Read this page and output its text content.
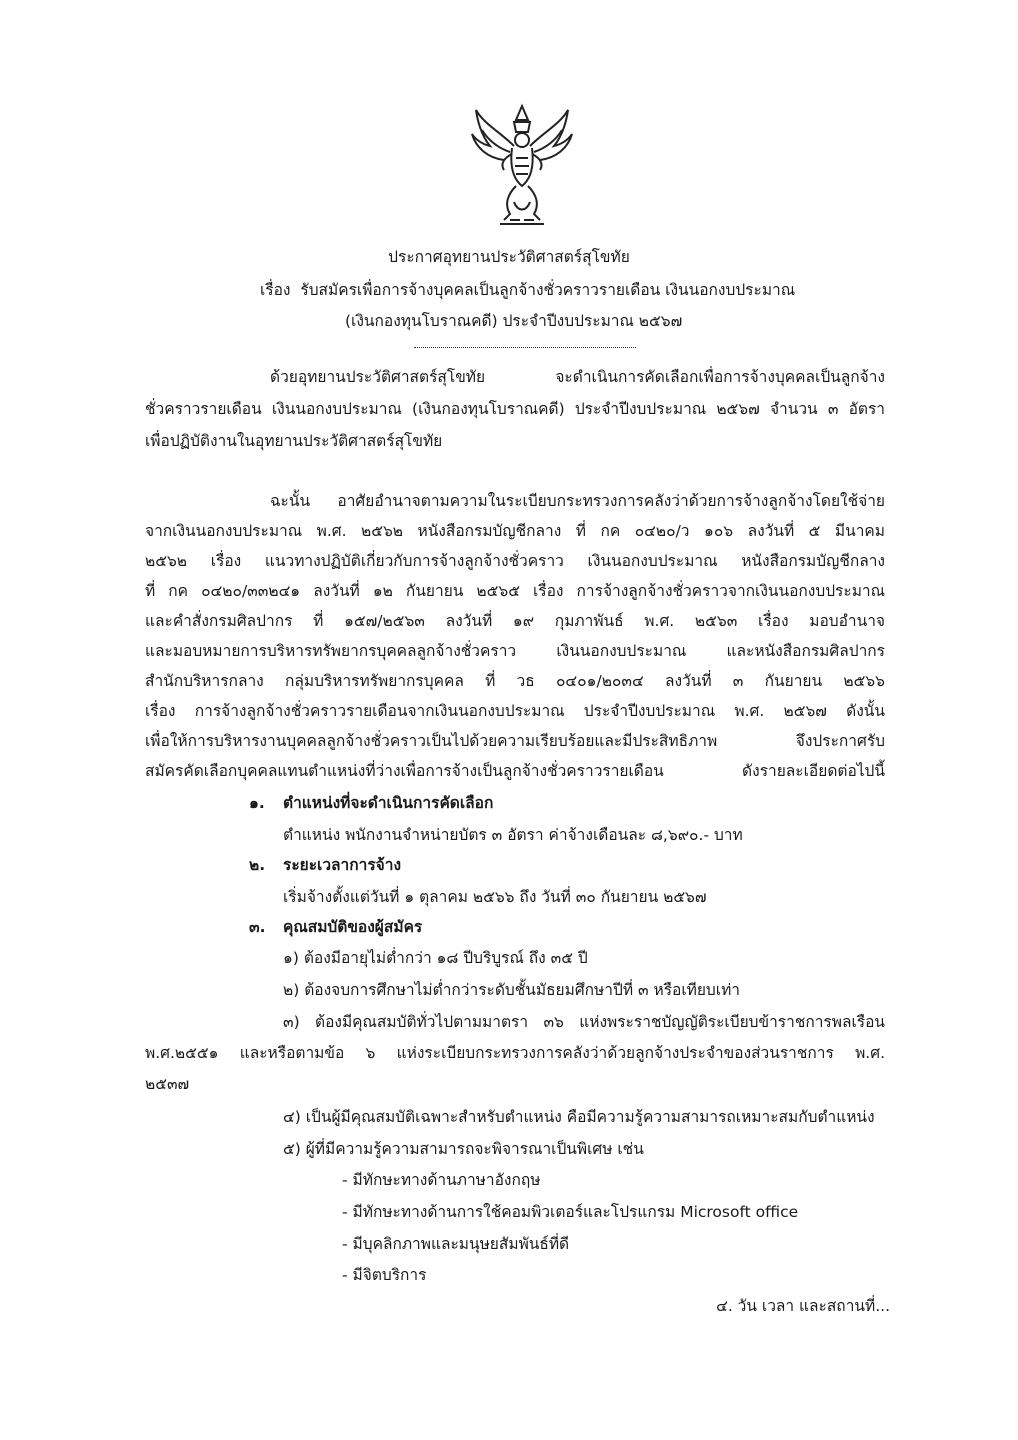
ประกาศอุทยานประวัติศาสตร์สุโขทัย
เรื่อง รับสมัครเพื่อการจ้างบุคคลเป็นลูกจ้างชั่วคราวรายเดือน เงินนอกงบประมาณ
(เงินกองทุนโบราณคดี) ประจำปีงบประมาณ ๒๕๖๗
ด้วยอุทยานประวัติศาสตร์สุโขทัย จะดำเนินการคัดเลือกเพื่อการจ้างบุคคลเป็นลูกจ้าง
ชั่วคราวรายเดือน เงินนอกงบประมาณ (เงินกองทุนโบราณคดี) ประจำปีงบประมาณ ๒๕๖๗ จำนวน ๓ อัตรา
เพื่อปฏิบัติงานในอุทยานประวัติศาสตร์สุโขทัย
ฉะนั้น อาศัยอำนาจตามความในระเบียบกระทรวงการคลังว่าด้วยการจ้างลูกจ้างโดยใช้จ่าย
จากเงินนอกงบประมาณ พ.ศ. ๒๕๖๒ หนังสือกรมบัญชีกลาง ที่ กค ๐๔๒๐/ว ๑๐๖ ลงวันที่ ๕ มีนาคม
๒๕๖๒ เรื่อง แนวทางปฏิบัติเกี่ยวกับการจ้างลูกจ้างชั่วคราว เงินนอกงบประมาณ หนังสือกรมบัญชีกลาง
ที่ กค ๐๔๒๐/๓๓๒๔๑ ลงวันที่ ๑๒ กันยายน ๒๕๖๕ เรื่อง การจ้างลูกจ้างชั่วคราวจากเงินนอกงบประมาณ
และคำสั่งกรมศิลปากร ที่ ๑๕๗/๒๕๖๓ ลงวันที่ ๑๙ กุมภาพันธ์ พ.ศ. ๒๕๖๓ เรื่อง มอบอำนาจ
และมอบหมายการบริหารทรัพยากรบุคคลลูกจ้างชั่วคราว เงินนอกงบประมาณ และหนังสือกรมศิลปากร
สำนักบริหารกลาง กลุ่มบริหารทรัพยากรบุคคล ที่ วธ ๐๔๐๑/๒๐๓๔ ลงวันที่ ๓ กันยายน ๒๕๖๖
เรื่อง การจ้างลูกจ้างชั่วคราวรายเดือนจากเงินนอกงบประมาณ ประจำปีงบประมาณ พ.ศ. ๒๕๖๗ ดังนั้น
เพื่อให้การบริหารงานบุคคลลูกจ้างชั่วคราวเป็นไปด้วยความเรียบร้อยและมีประสิทธิภาพ จึงประกาศรับ
สมัครคัดเลือกบุคคลแทนตำแหน่งที่ว่างเพื่อการจ้างเป็นลูกจ้างชั่วคราวรายเดือน ดังรายละเอียดต่อไปนี้
๑. ตำแหน่งที่จะดำเนินการคัดเลือก
ตำแหน่ง พนักงานจำหน่ายบัตร ๓ อัตรา ค่าจ้างเดือนละ ๘,๖๙๐.- บาท
๒. ระยะเวลาการจ้าง
เริ่มจ้างตั้งแต่วันที่ ๑ ตุลาคม ๒๕๖๖ ถึง วันที่ ๓๐ กันยายน ๒๕๖๗
๓. คุณสมบัติของผู้สมัคร
๑) ต้องมีอายุไม่ต่ำกว่า ๑๘ ปีบริบูรณ์ ถึง ๓๕ ปี
๒) ต้องจบการศึกษาไม่ต่ำกว่าระดับชั้นมัธยมศึกษาปีที่ ๓ หรือเทียบเท่า
๓) ต้องมีคุณสมบัติทั่วไปตามมาตรา ๓๖ แห่งพระราชบัญญัติระเบียบข้าราชการพลเรือน
พ.ศ.๒๕๕๑ และหรือตามข้อ ๖ แห่งระเบียบกระทรวงการคลังว่าด้วยลูกจ้างประจำของส่วนราชการ พ.ศ.
๒๕๓๗
๔) เป็นผู้มีคุณสมบัติเฉพาะสำหรับตำแหน่ง คือมีความรู้ความสามารถเหมาะสมกับตำแหน่ง
๕) ผู้ที่มีความรู้ความสามารถจะพิจารณาเป็นพิเศษ เช่น
- มีทักษะทางด้านภาษาอังกฤษ
- มีทักษะทางด้านการใช้คอมพิวเตอร์และโปรแกรม Microsoft office
- มีบุคลิกภาพและมนุษยสัมพันธ์ที่ดี
- มีจิตบริการ
๔. วัน เวลา และสถานที่...
